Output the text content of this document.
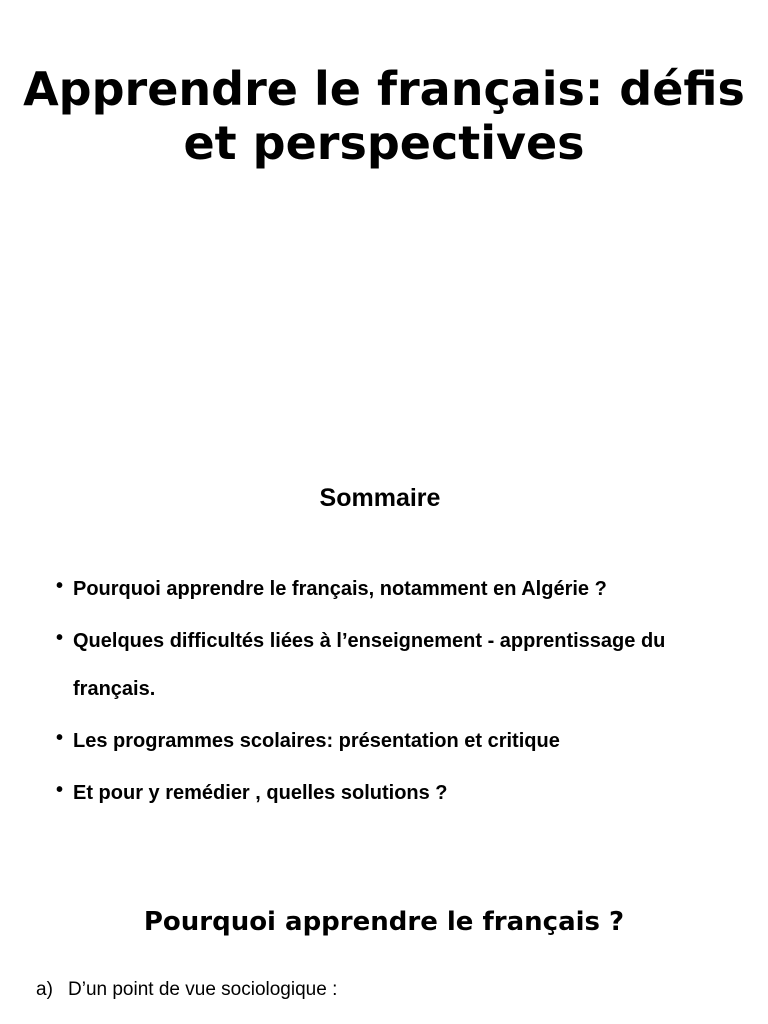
Apprendre le français: défis et perspectives
Sommaire
• Pourquoi apprendre le français, notamment en Algérie ?
• Quelques difficultés liées à l’enseignement - apprentissage du français.
• Les programmes scolaires: présentation et critique
• Et pour y remédier , quelles solutions ?
Pourquoi apprendre le français ?

a) D’un point de vue sociologique :
